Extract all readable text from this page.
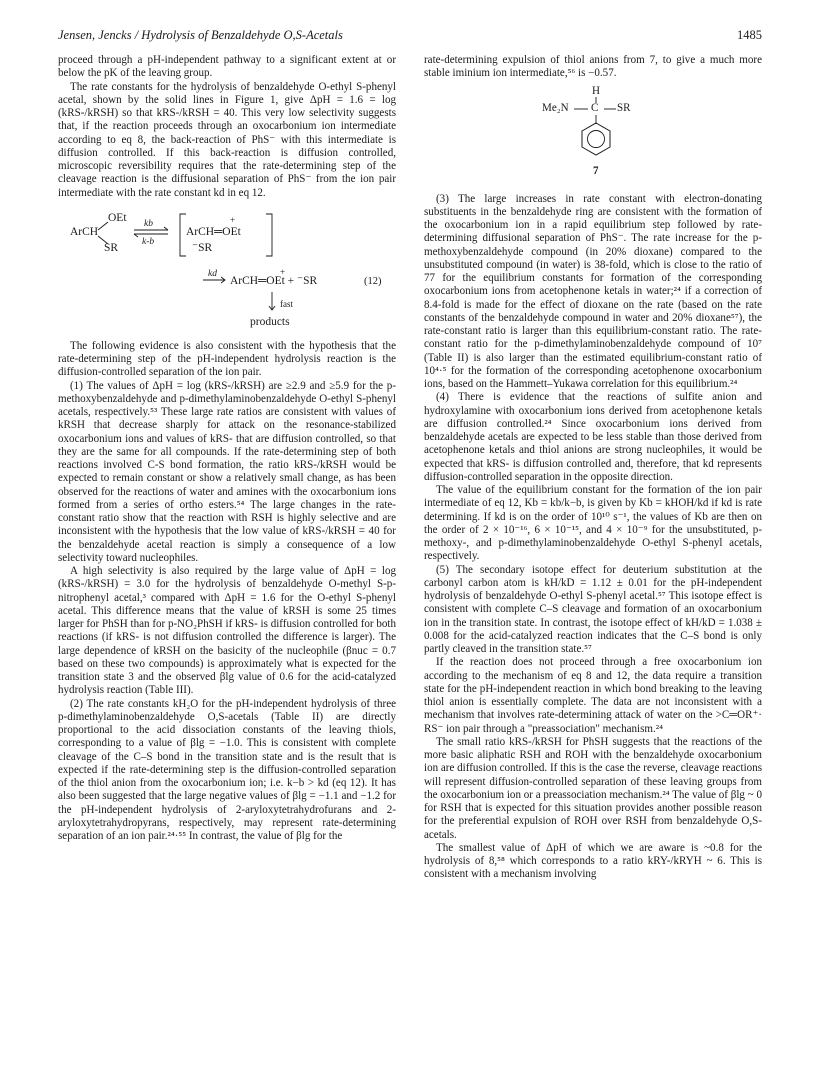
Jensen, Jencks / Hydrolysis of Benzaldehyde O,S-Acetals	1485

proceed through a pH-independent pathway to a significant extent at or below the pK of the leaving group.

The rate constants for the hydrolysis of benzaldehyde O-ethyl S-phenyl acetal, shown by the solid lines in Figure 1, give ΔpH = 1.6 = log (kRS-/kRSH) so that kRS-/kRSH = 40. This very low selectivity suggests that, if the reaction proceeds through an oxocarbonium ion intermediate according to eq 8, the back-reaction of PhS⁻ with this intermediate is diffusion controlled. If this back-reaction is diffusion controlled, microscopic reversibility requires that the rate-determining step of the cleavage reaction is the diffusional separation of PhS⁻ from the ion pair intermediate with the rate constant kd in eq 12.

OEt
ArCH
SR
kb
k-b
+
ArCH═OEt
⁻SR
kd	+
ArCH═OEt + ⁻SR	(12)
fast
products

The following evidence is also consistent with the hypothesis that the rate-determining step of the pH-independent hydrolysis reaction is the diffusion-controlled separation of the ion pair.

(1) The values of ΔpH = log (kRS-/kRSH) are ≥2.9 and ≥5.9 for the p-methoxybenzaldehyde and p-dimethylaminobenzaldehyde O-ethyl S-phenyl acetals, respectively.⁵³ These large rate ratios are consistent with values of kRSH that decrease sharply for attack on the resonance-stabilized oxocarbonium ions and values of kRS- that are diffusion controlled, so that they are the same for all compounds. If the rate-determining step of both reactions involved C-S bond formation, the ratio kRS-/kRSH would be expected to remain constant or show a relatively small change, as has been observed for the reactions of water and amines with the oxocarbonium ions formed from a series of ortho esters.⁵⁴ The large changes in the rate-constant ratio show that the reaction with RSH is highly selective and are inconsistent with the hypothesis that the low value of kRS-/kRSH = 40 for the benzaldehyde acetal reaction is simply a consequence of a low selectivity toward nucleophiles.

A high selectivity is also required by the large value of ΔpH = log (kRS-/kRSH) = 3.0 for the hydrolysis of benzaldehyde O-methyl S-p-nitrophenyl acetal,³ compared with ΔpH = 1.6 for the O-ethyl S-phenyl acetal. This difference means that the value of kRSH is some 25 times larger for PhSH than for p-NO₂PhSH if kRS- is diffusion controlled for both reactions (if kRS- is not diffusion controlled the difference is larger). The large dependence of kRSH on the basicity of the nucleophile (βnuc = 0.7 based on these two compounds) is approximately what is expected for the transition state 3 and the observed βlg value of 0.6 for the acid-catalyzed hydrolysis reaction (Table III).

(2) The rate constants kH₂O for the pH-independent hydrolysis of three p-dimethylaminobenzaldehyde O,S-acetals (Table II) are directly proportional to the acid dissociation constants of the leaving thiols, corresponding to a value of βlg = −1.0. This is consistent with complete cleavage of the C–S bond in the transition state and is the result that is expected if the rate-determining step is the diffusion-controlled separation of the thiol anion from the oxocarbonium ion; i.e. k−b > kd (eq 12). It has also been suggested that the large negative values of βlg = −1.1 and −1.2 for the pH-independent hydrolysis of 2-aryloxytetrahydrofurans and 2-aryloxytetrahydropyrans, respectively, may represent rate-determining separation of an ion pair.²⁴·⁵⁵ In contrast, the value of βlg for the

rate-determining expulsion of thiol anions from 7, to give a much more stable iminium ion intermediate,⁵⁶ is −0.57.

H
Me₂N C SR
7

(3) The large increases in rate constant with electron-donating substituents in the benzaldehyde ring are consistent with the formation of the oxocarbonium ion in a rapid equilibrium step followed by rate-determining diffusional separation of PhS⁻. The rate increase for the p-methoxybenzaldehyde compound (in 20% dioxane) compared to the unsubstituted compound (in water) is 38-fold, which is close to the ratio of 77 for the equilibrium constants for formation of the corresponding oxocarbonium ions from acetophenone ketals in water;²⁴ if a correction of 8.4-fold is made for the effect of dioxane on the rate (based on the rate constants of the benzaldehyde compound in water and 20% dioxane⁵⁷), the rate-constant ratio is larger than this equilibrium-constant ratio. The rate-constant ratio for the p-dimethylaminobenzaldehyde compound of 10⁷ (Table II) is also larger than the estimated equilibrium-constant ratio of 10⁴·⁵ for the formation of the corresponding acetophenone oxocarbonium ions, based on the Hammett–Yukawa correlation for this equilibrium.²⁴

(4) There is evidence that the reactions of sulfite anion and hydroxylamine with oxocarbonium ions derived from acetophenone ketals are diffusion controlled.²⁴ Since oxocarbonium ions derived from benzaldehyde acetals are expected to be less stable than those derived from acetophenone ketals and thiol anions are strong nucleophiles, it would be expected that kRS- is diffusion controlled and, therefore, that kd represents diffusion-controlled separation in the opposite direction.

The value of the equilibrium constant for the formation of the ion pair intermediate of eq 12, Kb = kb/k−b, is given by Kb = kHOH/kd if kd is rate determining. If kd is on the order of 10¹⁰ s⁻¹, the values of Kb are then on the order of 2 × 10⁻¹⁶, 6 × 10⁻¹⁵, and 4 × 10⁻⁹ for the unsubstituted, p-methoxy-, and p-dimethylaminobenzaldehyde O-ethyl S-phenyl acetals, respectively.

(5) The secondary isotope effect for deuterium substitution at the carbonyl carbon atom is kH/kD = 1.12 ± 0.01 for the pH-independent hydrolysis of benzaldehyde O-ethyl S-phenyl acetal.⁵⁷ This isotope effect is consistent with complete C–S cleavage and formation of an oxocarbonium ion in the transition state. In contrast, the isotope effect of kH/kD = 1.038 ± 0.008 for the acid-catalyzed reaction indicates that the C–S bond is only partly cleaved in the transition state.⁵⁷

If the reaction does not proceed through a free oxocarbonium ion according to the mechanism of eq 8 and 12, the data require a transition state for the pH-independent reaction in which bond breaking to the leaving thiol anion is essentially complete. The data are not inconsistent with a mechanism that involves rate-determining attack of water on the >C═OR⁺· RS⁻ ion pair through a "preassociation" mechanism.²⁴

The small ratio kRS-/kRSH for PhSH suggests that the reactions of the more basic aliphatic RSH and ROH with the benzaldehyde oxocarbonium ion are diffusion controlled. If this is the case the reverse, cleavage reactions will represent diffusion-controlled separation of these leaving groups from the oxocarbonium ion or a preassociation mechanism.²⁴ The value of βlg ~ 0 for RSH that is expected for this situation provides another possible reason for the preferential expulsion of ROH over RSH from benzaldehyde O,S-acetals.

The smallest value of ΔpH of which we are aware is ~0.8 for the hydrolysis of 8,⁵⁸ which corresponds to a ratio kRY-/kRYH ~ 6. This is consistent with a mechanism involving
